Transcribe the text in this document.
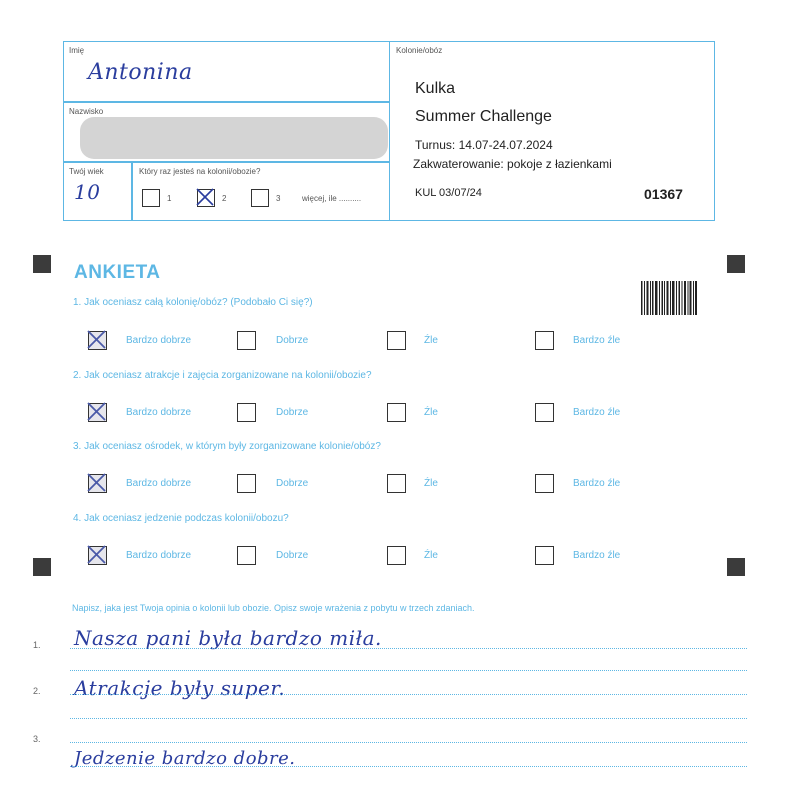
Imię
Antonina
Nazwisko
Twój wiek
10
Który raz jesteś na kolonii/obozie?
1	2	3	więcej, ile ..........
Kolonie/obóz
Kulka
Summer Challenge
Turnus: 14.07-24.07.2024
Zakwaterowanie: pokoje z łazienkami
KUL 03/07/24	01367
ANKIETA
1. Jak oceniasz całą kolonię/obóz? (Podobało Ci się?)
Bardzo dobrze	Dobrze	Źle	Bardzo źle
2. Jak oceniasz atrakcje i zajęcia zorganizowane na kolonii/obozie?
Bardzo dobrze	Dobrze	Źle	Bardzo źle
3. Jak oceniasz ośrodek, w którym były zorganizowane kolonie/obóz?
Bardzo dobrze	Dobrze	Źle	Bardzo źle
4. Jak oceniasz jedzenie podczas kolonii/obozu?
Bardzo dobrze	Dobrze	Źle	Bardzo źle
Napisz, jaka jest Twoja opinia o kolonii lub obozie. Opisz swoje wrażenia z pobytu w trzech zdaniach.
1. Nasza pani była bardzo miła.
2. Atrakcje były super.
3.
Jedzenie bardzo dobre.
